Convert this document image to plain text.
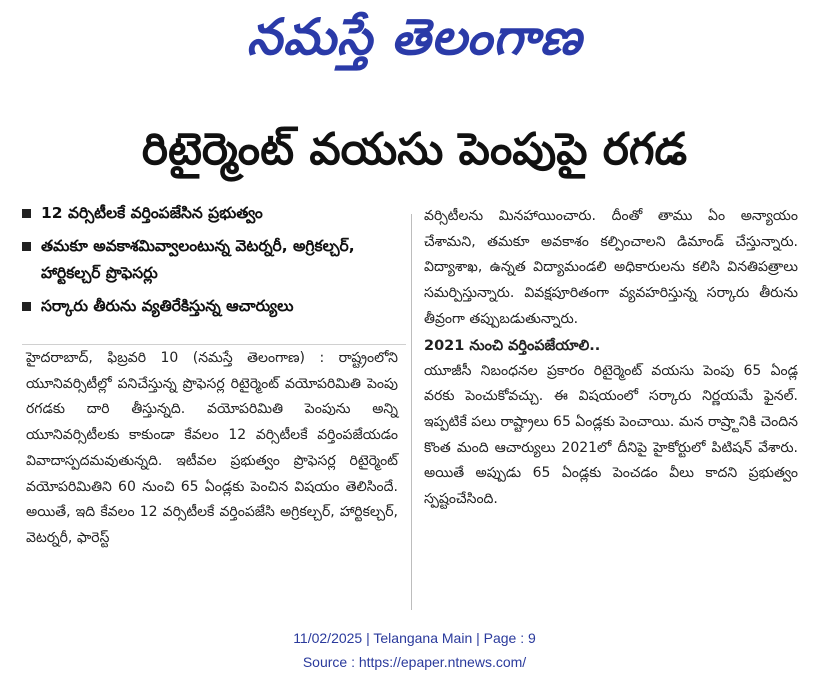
నమస్తే తెలంగాణ
రిటైర్మెంట్ వయసు పెంపుపై రగడ
12 వర్సిటీలకే వర్తింపజేసిన ప్రభుత్వం
తమకూ అవకాశమివ్వాలంటున్న వెటర్నరీ, అగ్రికల్చర్, హార్టికల్చర్ ప్రొఫెసర్లు
సర్కారు తీరును వ్యతిరేకిస్తున్న ఆచార్యులు

హైదరాబాద్, ఫిబ్రవరి 10 (నమస్తే తెలంగాణ) : రాష్ట్రంలోని యూనివర్సిటీల్లో పనిచేస్తున్న ప్రొఫెసర్ల రిటైర్మెంట్ వయోపరిమితి పెంపు రగడకు దారి తీస్తున్నది. వయోపరిమితి పెంపును అన్ని యూనివర్సిటీలకు కాకుండా కేవలం 12 వర్సిటీలకే వర్తింపజేయడం వివాదాస్పదమవుతున్నది. ఇటీవల ప్రభుత్వం ప్రొఫెసర్ల రిటైర్మెంట్ వయోపరిమితిని 60 నుంచి 65 ఏండ్లకు పెంచిన విషయం తెలిసిందే. అయితే, ఇది కేవలం 12 వర్సిటీలకే వర్తింపజేసి అగ్రికల్చర్, హార్టికల్చర్, వెటర్నరీ, ఫారెస్ట్

వర్సిటీలను మినహాయించారు. దీంతో తాము ఏం అన్యాయం చేశామని, తమకూ అవకాశం కల్పించాలని డిమాండ్ చేస్తున్నారు. విద్యాశాఖ, ఉన్నత విద్యామండలి అధికారులను కలిసి వినతిపత్రాలు సమర్పిస్తున్నారు. వివక్షపూరితంగా వ్యవహరిస్తున్న సర్కారు తీరును తీవ్రంగా తప్పుబడుతున్నారు.

2021 నుంచి వర్తింపజేయాలి..

యూజీసీ నిబంధనల ప్రకారం రిటైర్మెంట్ వయసు పెంపు 65 ఏండ్ల వరకు పెంచుకోవచ్చు. ఈ విషయంలో సర్కారు నిర్ణయమే ఫైనల్. ఇప్పటికే పలు రాష్ట్రాలు 65 ఏండ్లకు పెంచాయి. మన రాష్ర్టానికి చెందిన కొంత మంది ఆచార్యులు 2021లో దీనిపై హైకోర్టులో పిటిషన్ వేశారు. అయితే అప్పుడు 65 ఏండ్లకు పెంచడం వీలు కాదని ప్రభుత్వం స్పష్టంచేసింది.

11/02/2025 | Telangana Main | Page : 9
Source : https://epaper.ntnews.com/
